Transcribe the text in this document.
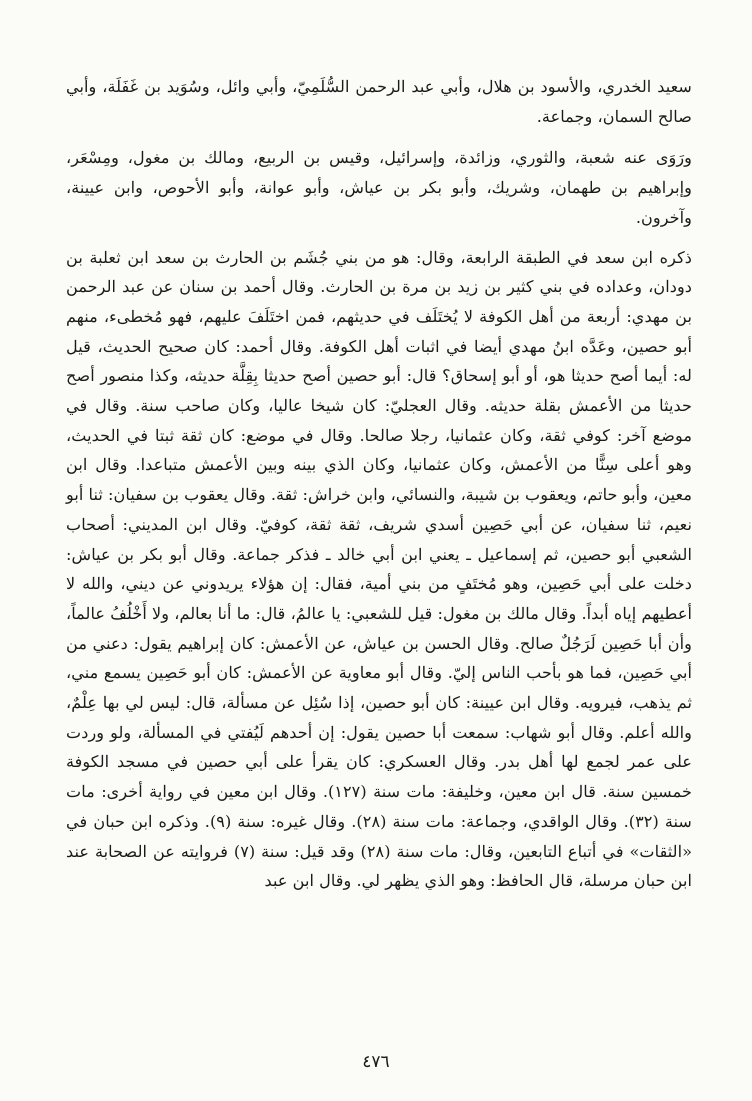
سعيد الخدري، والأسود بن هلال، وأبي عبد الرحمن السُّلَمِيّ، وأبي وائل، وسُوَيد بن غَفَلَة، وأبي صالح السمان، وجماعة.

ورَوَى عنه شعبة، والثوري، وزائدة، وإسرائيل، وقيس بن الربيع، ومالك بن مغول، ومِسْعَر، وإبراهيم بن طهمان، وشريك، وأبو بكر بن عياش، وأبو عوانة، وأبو الأحوص، وابن عيينة، وآخرون.

ذكره ابن سعد في الطبقة الرابعة، وقال: هو من بني جُشَم بن الحارث بن سعد ابن ثعلبة بن دودان، وعداده في بني كثير بن زيد بن مرة بن الحارث. وقال أحمد بن سنان عن عبد الرحمن بن مهدي: أربعة من أهل الكوفة لا يُختَلَف في حديثهم، فمن اختَلَفَ عليهم، فهو مُخطىء، منهم أبو حصين، وعَدَّه ابنُ مهدي أيضا في اثبات أهل الكوفة. وقال أحمد: كان صحيح الحديث، قيل له: أيما أصح حديثا هو، أو أبو إسحاق؟ قال: أبو حصين أصح حديثا بِقِلَّة حديثه، وكذا منصور أصح حديثا من الأعمش بقلة حديثه. وقال العجليّ: كان شيخا عاليا، وكان صاحب سنة. وقال في موضع آخر: كوفي ثقة، وكان عثمانيا، رجلا صالحا. وقال في موضع: كان ثقة ثبتا في الحديث، وهو أعلى سِنًّا من الأعمش، وكان عثمانيا، وكان الذي بينه وبين الأعمش متباعدا. وقال ابن معين، وأبو حاتم، ويعقوب بن شيبة، والنسائي، وابن خراش: ثقة. وقال يعقوب بن سفيان: ثنا أبو نعيم، ثنا سفيان، عن أبي حَصِين أسدي شريف، ثقة ثقة، كوفيّ. وقال ابن المديني: أصحاب الشعبي أبو حصين، ثم إسماعيل ـ يعني ابن أبي خالد ـ فذكر جماعة. وقال أبو بكر بن عياش: دخلت على أبي حَصِين، وهو مُختَفٍ من بني أمية، فقال: إن هؤلاء يريدوني عن ديني، والله لا أعطيهم إياه أبداً. وقال مالك بن مغول: قيل للشعبي: يا عالمُ، قال: ما أنا بعالم، ولا أَخْلُفُ عالماً، وأن أبا حَصِين لَرَجُلٌ صالح. وقال الحسن بن عياش، عن الأعمش: كان إبراهيم يقول: دعني من أبي حَصِين، فما هو بأحب الناس إليّ. وقال أبو معاوية عن الأعمش: كان أبو حَصِين يسمع مني، ثم يذهب، فيرويه. وقال ابن عيينة: كان أبو حصين، إذا سُئِل عن مسألة، قال: ليس لي بها عِلْمٌ، والله أعلم. وقال أبو شهاب: سمعت أبا حصين يقول: إن أحدهم لَيُفتي في المسألة، ولو وردت على عمر لجمع لها أهل بدر. وقال العسكري: كان يقرأ على أبي حصين في مسجد الكوفة خمسين سنة. قال ابن معين، وخليفة: مات سنة (١٢٧). وقال ابن معين في رواية أخرى: مات سنة (٣٢). وقال الواقدي، وجماعة: مات سنة (٢٨). وقال غيره: سنة (٩). وذكره ابن حبان في «الثقات» في أتباع التابعين، وقال: مات سنة (٢٨) وقد قيل: سنة (٧) فروايته عن الصحابة عند ابن حبان مرسلة، قال الحافظ: وهو الذي يظهر لي. وقال ابن عبد

٤٧٦
